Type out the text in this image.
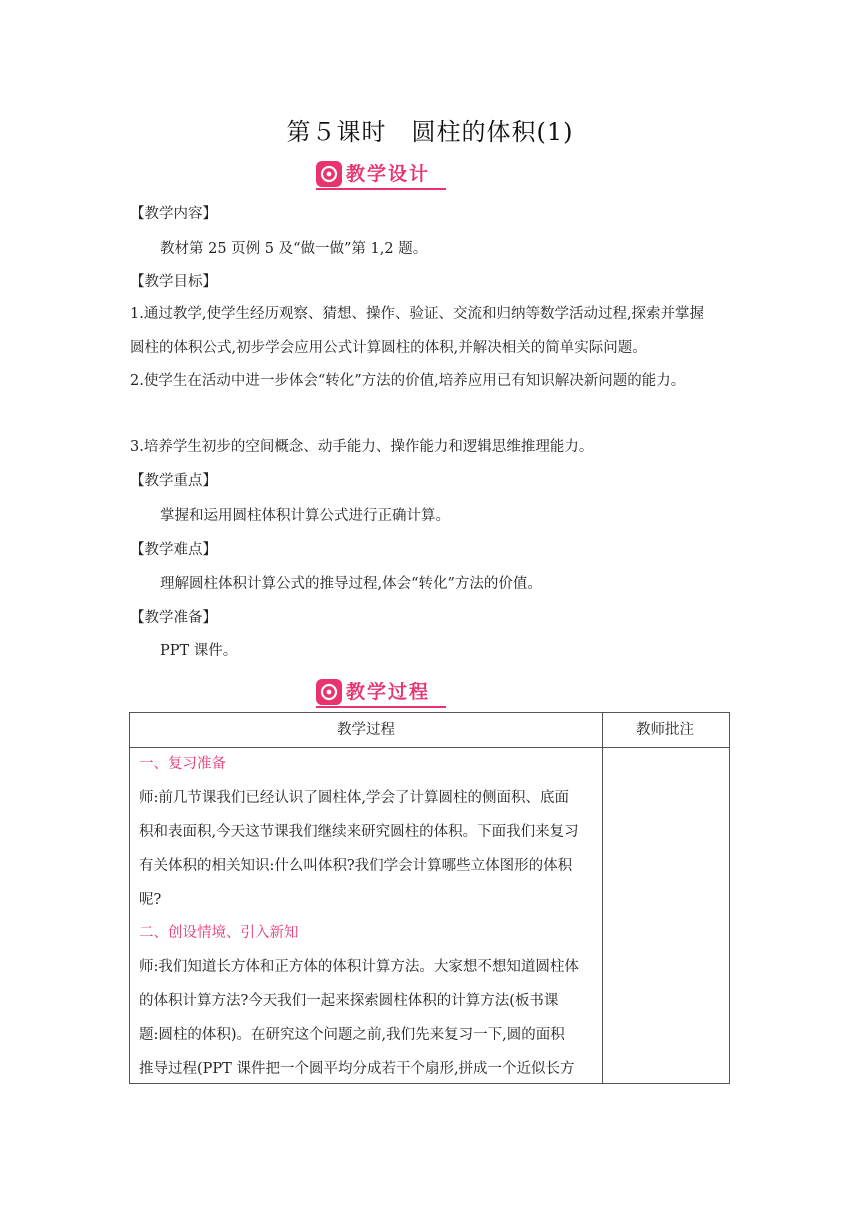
第５课时　圆柱的体积(1)
教学设计
【教学内容】
教材第 25 页例 5 及“做一做”第 1,2 题。
【教学目标】
1.通过教学,使学生经历观察、猜想、操作、验证、交流和归纳等数学活动过程,探索并掌握
圆柱的体积公式,初步学会应用公式计算圆柱的体积,并解决相关的简单实际问题。
2.使学生在活动中进一步体会“转化”方法的价值,培养应用已有知识解决新问题的能力。
3.培养学生初步的空间概念、动手能力、操作能力和逻辑思维推理能力。
【教学重点】
掌握和运用圆柱体积计算公式进行正确计算。
【教学难点】
理解圆柱体积计算公式的推导过程,体会“转化”方法的价值。
【教学准备】
PPT 课件。
教学过程
教学过程	教师批注
一、复习准备
师:前几节课我们已经认识了圆柱体,学会了计算圆柱的侧面积、底面
积和表面积,今天这节课我们继续来研究圆柱的体积。下面我们来复习
有关体积的相关知识:什么叫体积?我们学会计算哪些立体图形的体积
呢?
二、创设情境、引入新知
师:我们知道长方体和正方体的体积计算方法。大家想不想知道圆柱体
的体积计算方法?今天我们一起来探索圆柱体积的计算方法(板书课
题:圆柱的体积)。在研究这个问题之前,我们先来复习一下,圆的面积
推导过程(PPT 课件把一个圆平均分成若干个扇形,拼成一个近似长方
